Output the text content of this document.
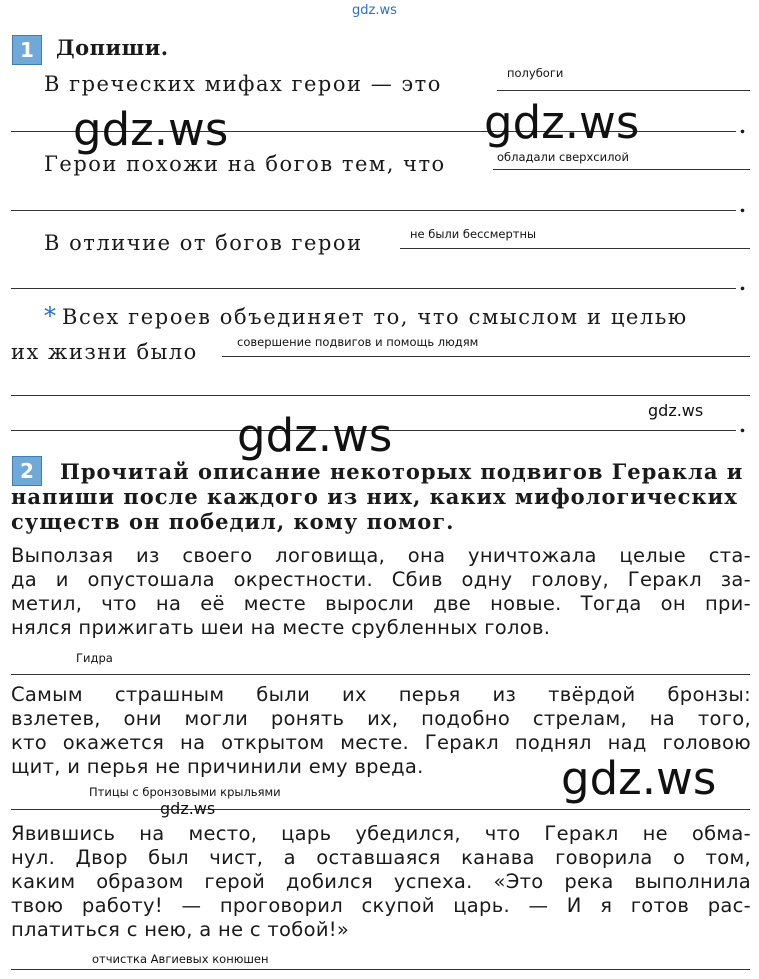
gdz.ws
1	Допиши.
В греческих мифах герои — это	полубоги
.
Герои похожи на богов тем, что	обладали сверхсилой
.
В отличие от богов герои	не были бессмертны
.
* Всех героев объединяет то, что смыслом и целью
их жизни было	совершение подвигов и помощь людям
.
gdz.ws	gdz.ws
gdz.ws
gdz.ws
2	Прочитай описание некоторых подвигов Геракла и
напиши после каждого из них, каких мифологических
существ он победил, кому помог.
Выползая из своего логовища, она уничтожала целые ста-
да и опустошала окрестности. Сбив одну голову, Геракл за-
метил, что на её месте выросли две новые. Тогда он при-
нялся прижигать шеи на месте срубленных голов.
Гидра
Самым страшным были их перья из твёрдой бронзы:
взлетев, они могли ронять их, подобно стрелам, на того,
кто окажется на открытом месте. Геракл поднял над головою
щит, и перья не причинили ему вреда.
Птицы с бронзовыми крыльями
Явившись на место, царь убедился, что Геракл не обма-
нул. Двор был чист, а оставшаяся канава говорила о том,
каким образом герой добился успеха. «Это река выполнила
твою работу! — проговорил скупой царь. — И я готов рас-
платиться с нею, а не с тобой!»
отчистка Авгиевых конюшен
gdz.ws
gdz.ws
